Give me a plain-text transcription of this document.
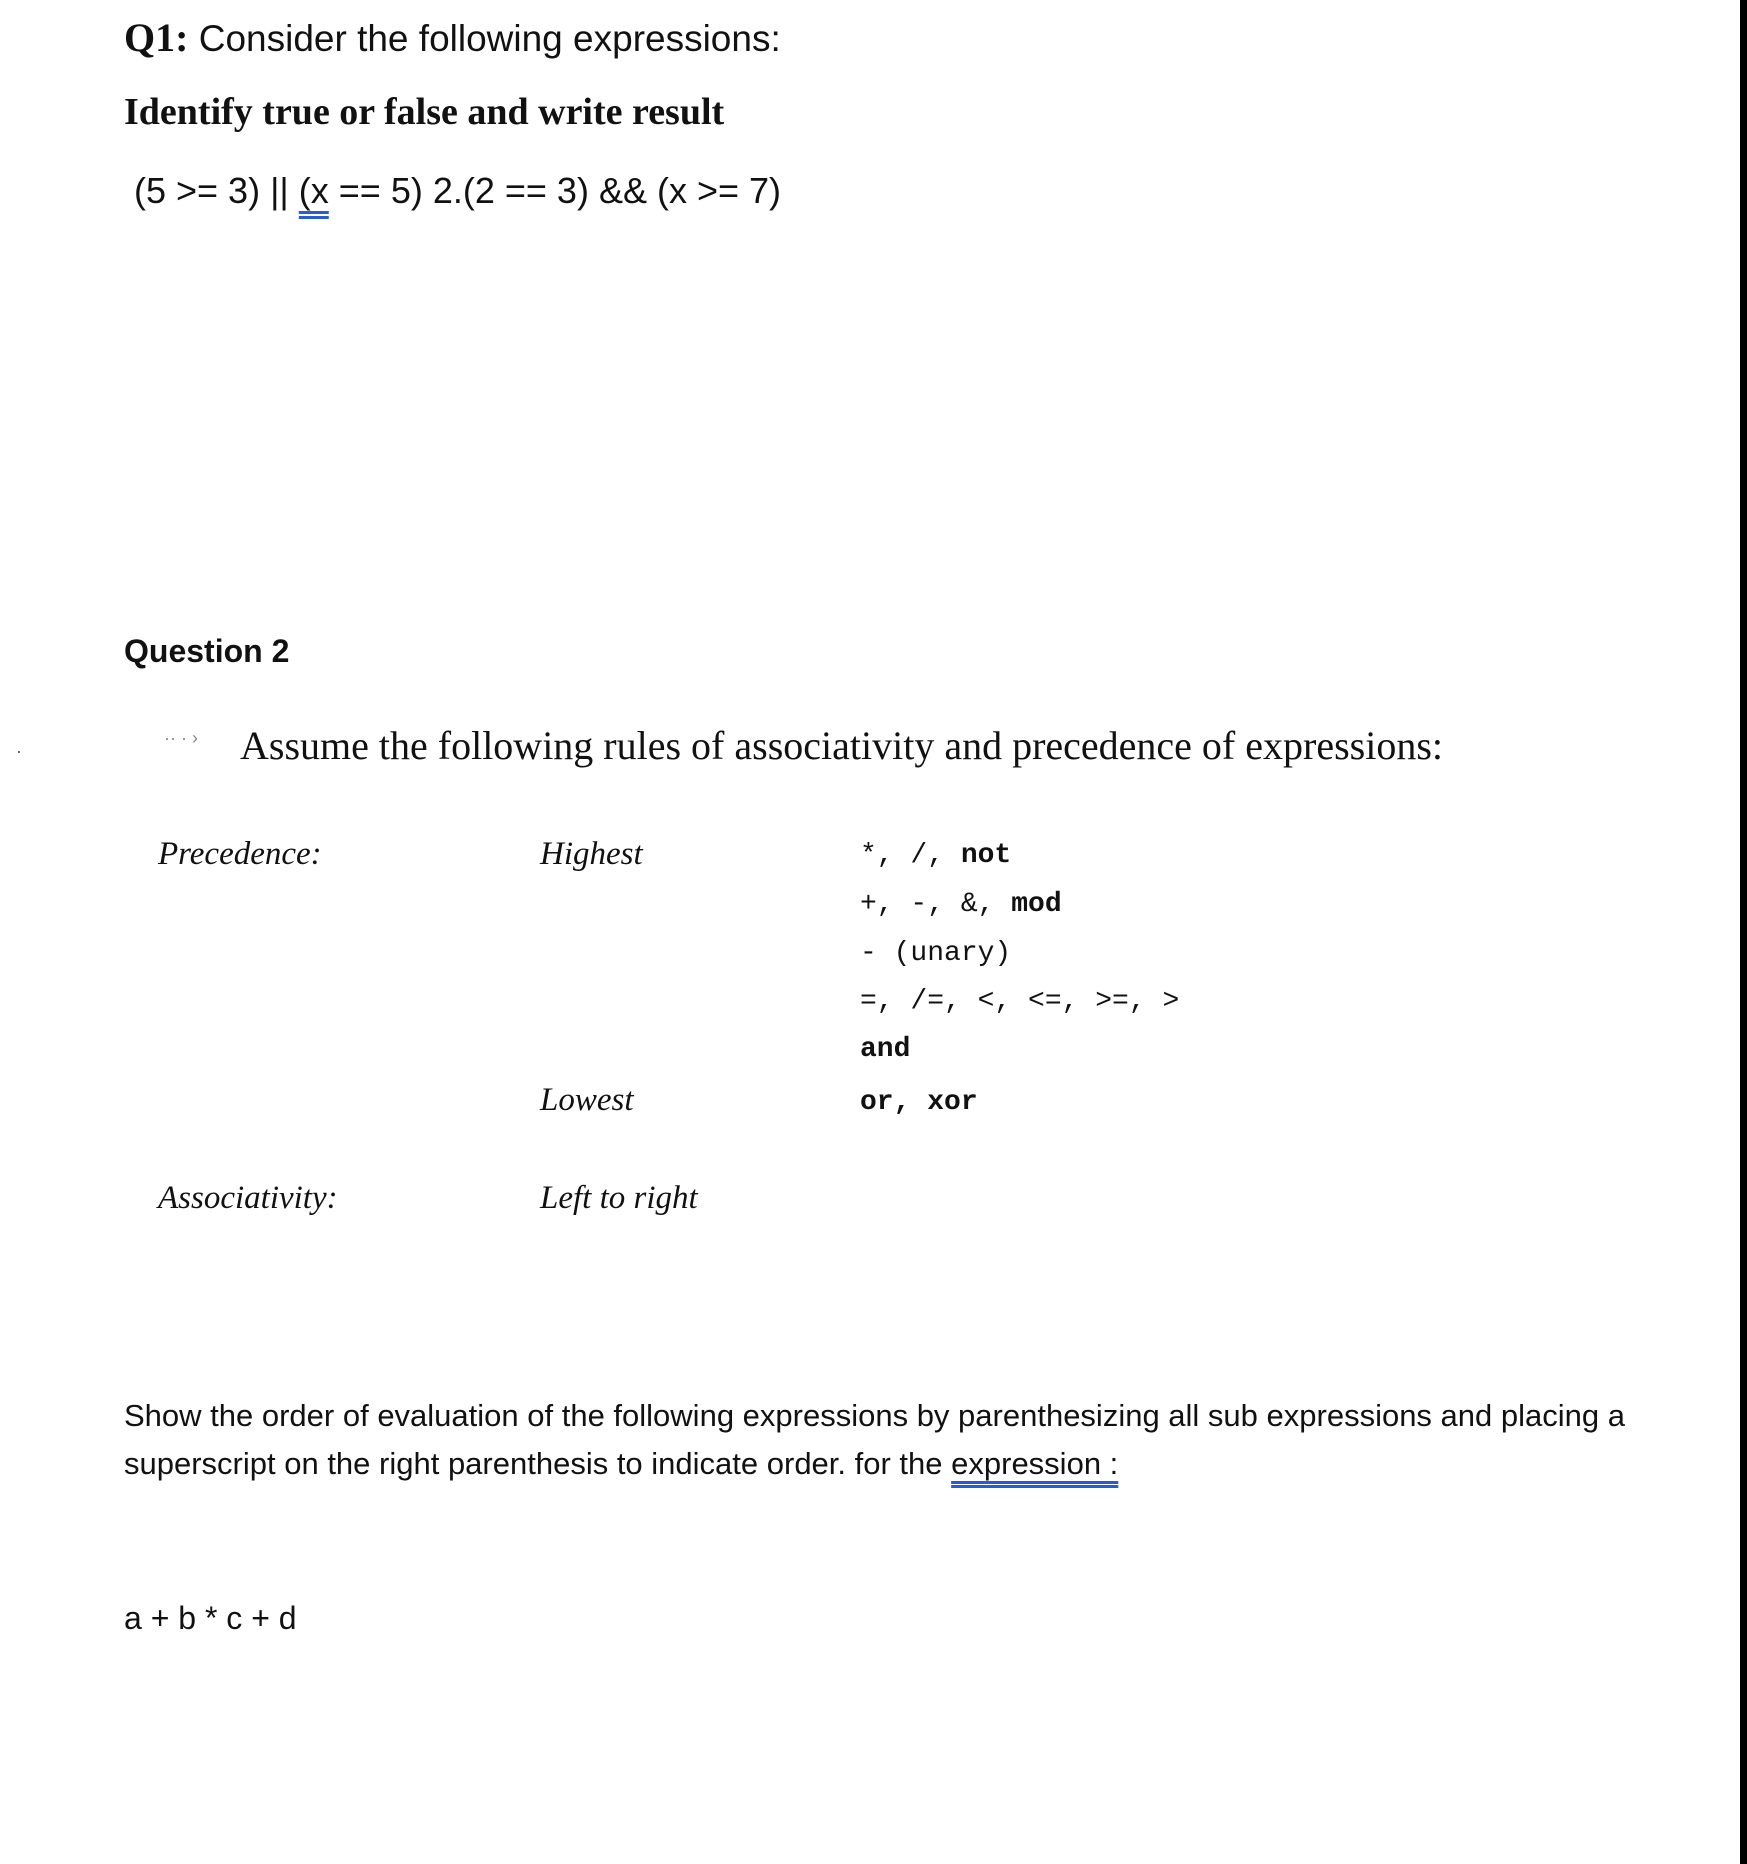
Q1: Consider the following expressions:
Identify true or false and write result
(5 >= 3) || (x == 5) 2.(2 == 3) && (x >= 7)
Question 2
·· · › Assume the following rules of associativity and precedence of expressions:
Precedence:	Highest
Lowest
*, /, not
+, -, &, mod
- (unary)
=, /=, <, <=, >=, >
and
or, xor
Associativity:	Left to right
Show the order of evaluation of the following expressions by parenthesizing all sub expressions and placing a superscript on the right parenthesis to indicate order. for the expression :
a + b * c + d
